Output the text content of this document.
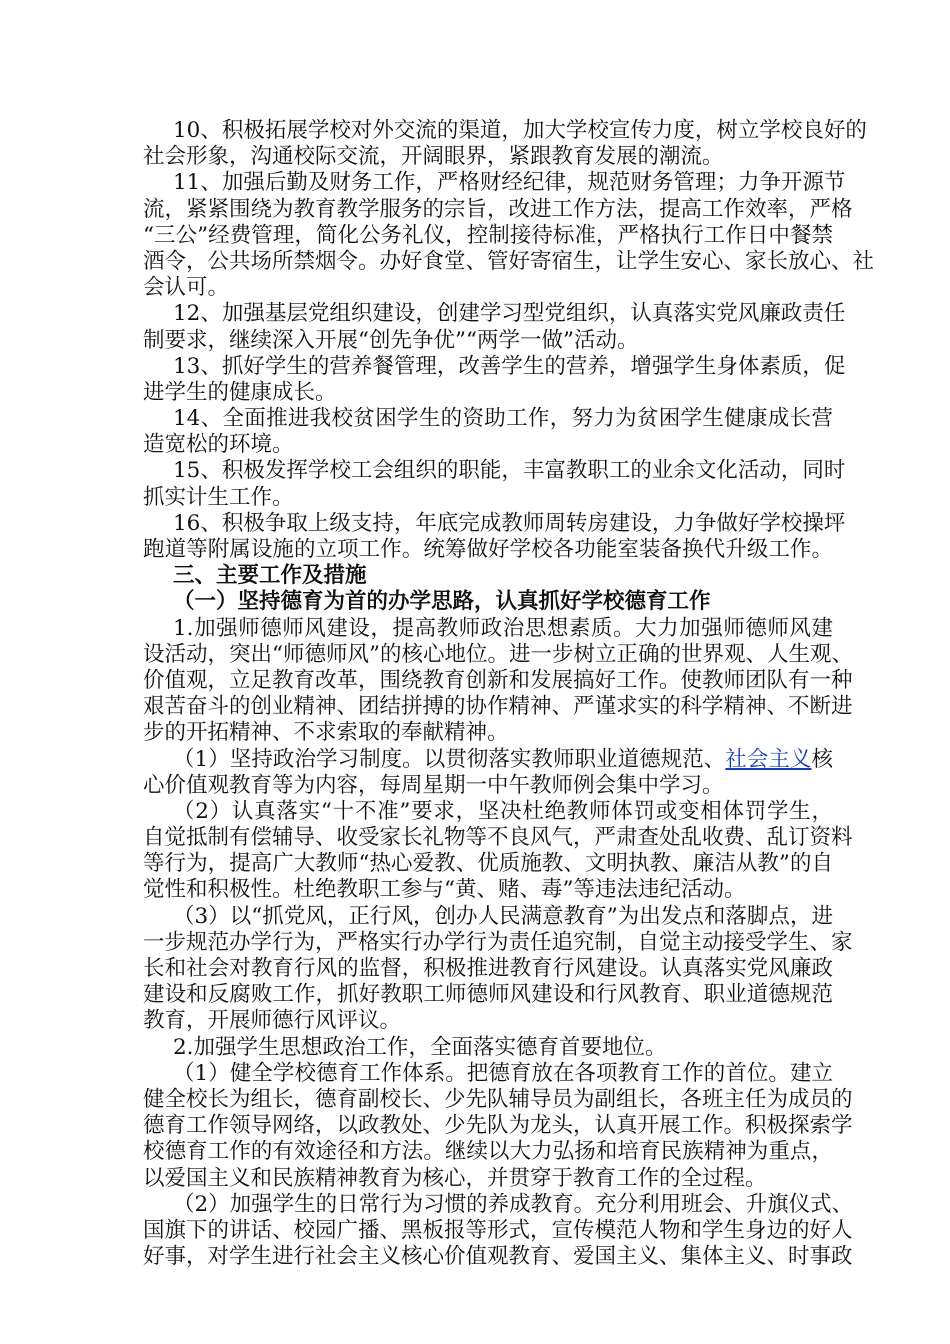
10、积极拓展学校对外交流的渠道，加大学校宣传力度，树立学校良好的
社会形象，沟通校际交流，开阔眼界，紧跟教育发展的潮流。
11、加强后勤及财务工作，严格财经纪律，规范财务管理；力争开源节
流，紧紧围绕为教育教学服务的宗旨，改进工作方法，提高工作效率，严格
“三公”经费管理，简化公务礼仪，控制接待标准，严格执行工作日中餐禁
酒令，公共场所禁烟令。办好食堂、管好寄宿生，让学生安心、家长放心、社
会认可。
12、加强基层党组织建设，创建学习型党组织，认真落实党风廉政责任
制要求，继续深入开展“创先争优”“两学一做”活动。
13、抓好学生的营养餐管理，改善学生的营养，增强学生身体素质，促
进学生的健康成长。
14、全面推进我校贫困学生的资助工作，努力为贫困学生健康成长营
造宽松的环境。
15、积极发挥学校工会组织的职能，丰富教职工的业余文化活动，同时
抓实计生工作。
16、积极争取上级支持，年底完成教师周转房建设，力争做好学校操坪
跑道等附属设施的立项工作。统筹做好学校各功能室装备换代升级工作。
三、主要工作及措施
（一）坚持德育为首的办学思路，认真抓好学校德育工作
1.加强师德师风建设，提高教师政治思想素质。大力加强师德师风建
设活动，突出“师德师风”的核心地位。进一步树立正确的世界观、人生观、
价值观，立足教育改革，围绕教育创新和发展搞好工作。使教师团队有一种
艰苦奋斗的创业精神、团结拼搏的协作精神、严谨求实的科学精神、不断进
步的开拓精神、不求索取的奉献精神。
（1）坚持政治学习制度。以贯彻落实教师职业道德规范、社会主义核
心价值观教育等为内容，每周星期一中午教师例会集中学习。
（2）认真落实“十不准”要求，坚决杜绝教师体罚或变相体罚学生，
自觉抵制有偿辅导、收受家长礼物等不良风气，严肃查处乱收费、乱订资料
等行为，提高广大教师“热心爱教、优质施教、文明执教、廉洁从教”的自
觉性和积极性。杜绝教职工参与“黄、赌、毒”等违法违纪活动。
（3）以“抓党风，正行风，创办人民满意教育”为出发点和落脚点，进
一步规范办学行为，严格实行办学行为责任追究制，自觉主动接受学生、家
长和社会对教育行风的监督，积极推进教育行风建设。认真落实党风廉政
建设和反腐败工作，抓好教职工师德师风建设和行风教育、职业道德规范
教育，开展师德行风评议。
2.加强学生思想政治工作，全面落实德育首要地位。
（1）健全学校德育工作体系。把德育放在各项教育工作的首位。建立
健全校长为组长，德育副校长、少先队辅导员为副组长，各班主任为成员的
德育工作领导网络，以政教处、少先队为龙头，认真开展工作。积极探索学
校德育工作的有效途径和方法。继续以大力弘扬和培育民族精神为重点，
以爱国主义和民族精神教育为核心，并贯穿于教育工作的全过程。
（2）加强学生的日常行为习惯的养成教育。充分利用班会、升旗仪式、
国旗下的讲话、校园广播、黑板报等形式，宣传模范人物和学生身边的好人
好事，对学生进行社会主义核心价值观教育、爱国主义、集体主义、时事政
